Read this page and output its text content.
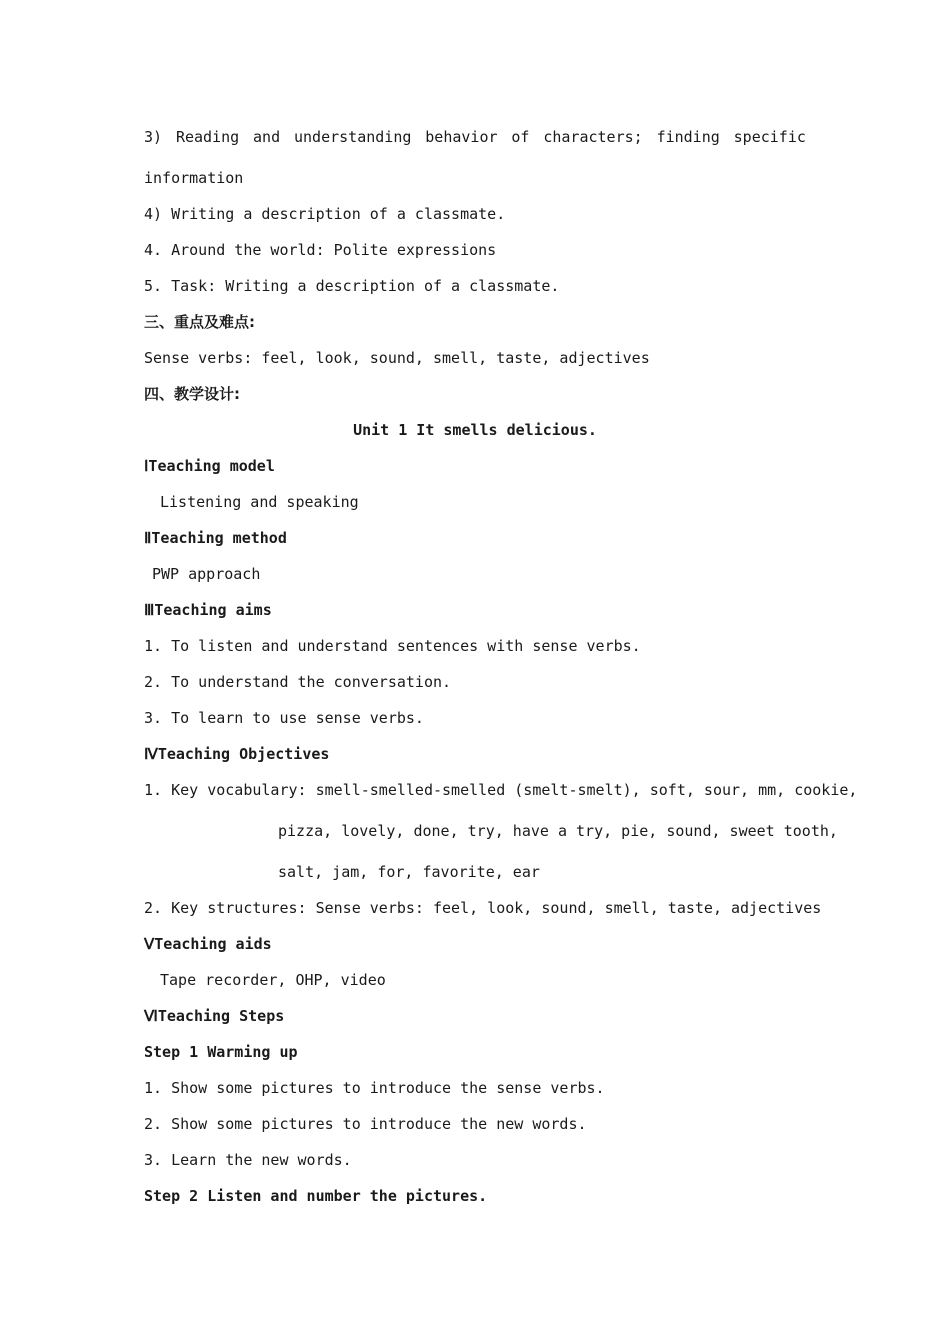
3) Reading and understanding behavior of characters; finding specific
information
4) Writing a description of a classmate.
4. Around the world: Polite expressions
5. Task: Writing a description of a classmate.
三、重点及难点:
Sense verbs: feel, look, sound, smell, taste, adjectives
四、教学设计:
Unit 1 It smells delicious.
ⅠTeaching model
Listening and speaking
ⅡTeaching method
PWP approach
ⅢTeaching aims
1. To listen and understand sentences with sense verbs.
2. To understand the conversation.
3. To learn to use sense verbs.
ⅣTeaching Objectives
1. Key vocabulary: smell-smelled-smelled (smelt-smelt), soft, sour, mm, cookie,
pizza, lovely, done, try, have a try, pie, sound, sweet tooth,
salt, jam, for, favorite, ear
2. Key structures: Sense verbs: feel, look, sound, smell, taste, adjectives
ⅤTeaching aids
Tape recorder, OHP, video
ⅥTeaching Steps
Step 1 Warming up
1. Show some pictures to introduce the sense verbs.
2. Show some pictures to introduce the new words.
3. Learn the new words.
Step 2 Listen and number the pictures.
